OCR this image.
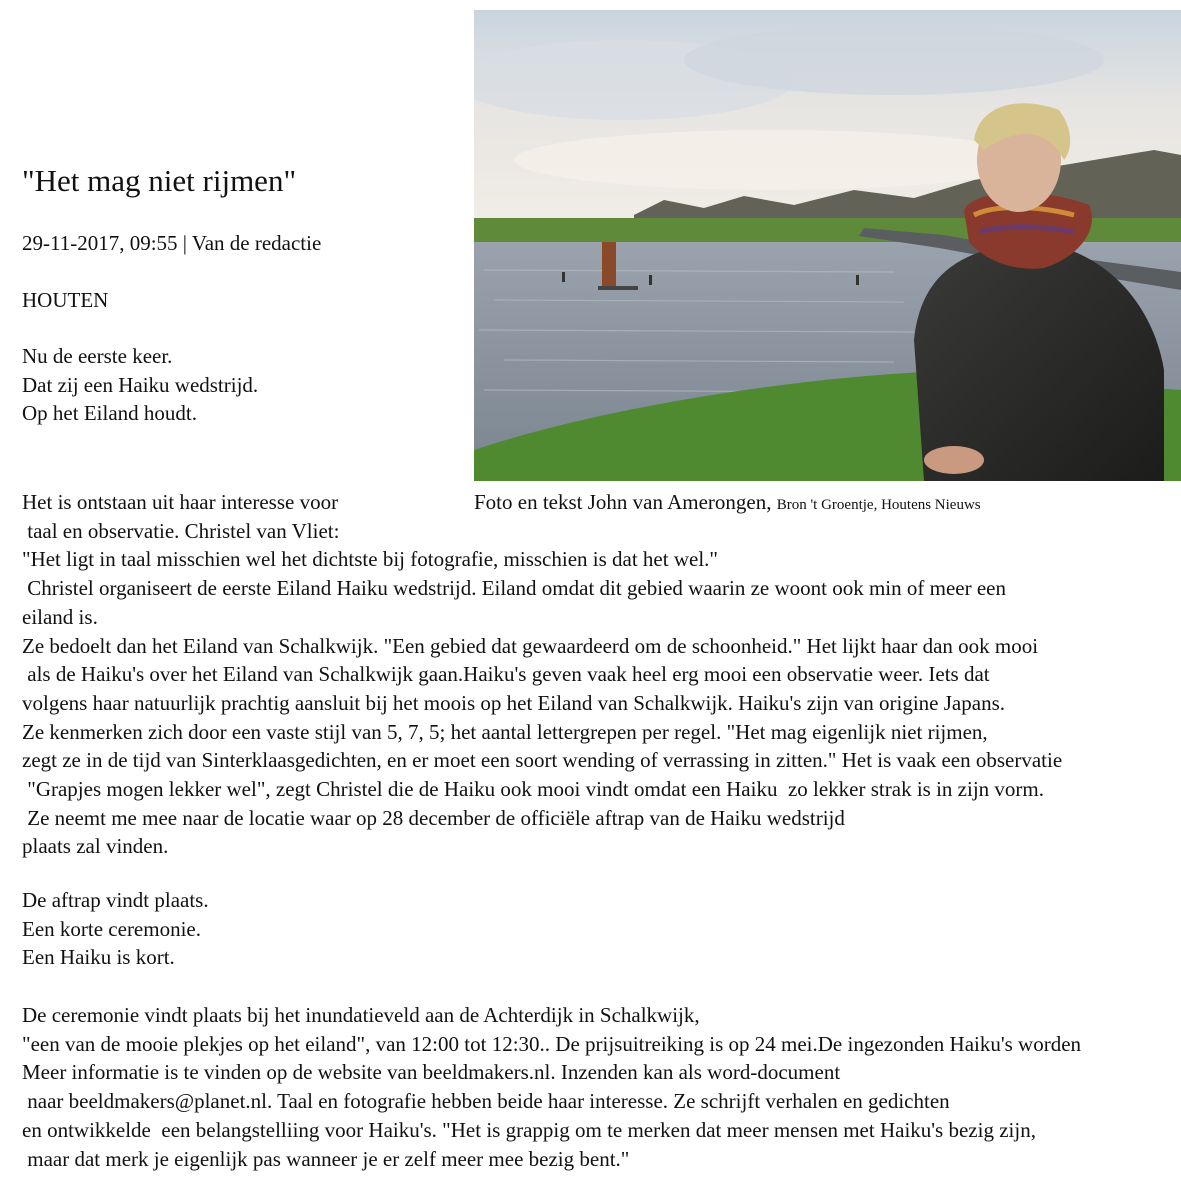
"Het mag niet rijmen"
29-11-2017, 09:55 | Van de redactie
HOUTEN
Nu de eerste keer.
Dat zij een Haiku wedstrijd.
Op het Eiland houdt.
Foto en tekst John van Amerongen, Bron 't Groentje, Houtens Nieuws
Het is ontstaan uit haar interesse voor
taal en observatie. Christel van Vliet:
"Het ligt in taal misschien wel het dichtste bij fotografie, misschien is dat het wel."
Christel organiseert de eerste Eiland Haiku wedstrijd. Eiland omdat dit gebied waarin ze woont ook min of meer een
eiland is.
Ze bedoelt dan het Eiland van Schalkwijk. "Een gebied dat gewaardeerd om de schoonheid." Het lijkt haar dan ook mooi
als de Haiku's over het Eiland van Schalkwijk gaan.Haiku's geven vaak heel erg mooi een observatie weer. Iets dat
volgens haar natuurlijk prachtig aansluit bij het moois op het Eiland van Schalkwijk. Haiku's zijn van origine Japans.
Ze kenmerken zich door een vaste stijl van 5, 7, 5; het aantal lettergrepen per regel. "Het mag eigenlijk niet rijmen,
zegt ze in de tijd van Sinterklaasgedichten, en er moet een soort wending of verrassing in zitten." Het is vaak een observatie
"Grapjes mogen lekker wel", zegt Christel die de Haiku ook mooi vindt omdat een Haiku  zo lekker strak is in zijn vorm.
Ze neemt me mee naar de locatie waar op 28 december de officiële aftrap van de Haiku wedstrijd
plaats zal vinden.
De aftrap vindt plaats.
Een korte ceremonie.
Een Haiku is kort.
De ceremonie vindt plaats bij het inundatieveld aan de Achterdijk in Schalkwijk,
"een van de mooie plekjes op het eiland", van 12:00 tot 12:30.. De prijsuitreiking is op 24 mei.De ingezonden Haiku's worden
Meer informatie is te vinden op de website van beeldmakers.nl. Inzenden kan als word-document
naar beeldmakers@planet.nl. Taal en fotografie hebben beide haar interesse. Ze schrijft verhalen en gedichten
en ontwikkelde  een belangstelliing voor Haiku's. "Het is grappig om te merken dat meer mensen met Haiku's bezig zijn,
maar dat merk je eigenlijk pas wanneer je er zelf meer mee bezig bent."
